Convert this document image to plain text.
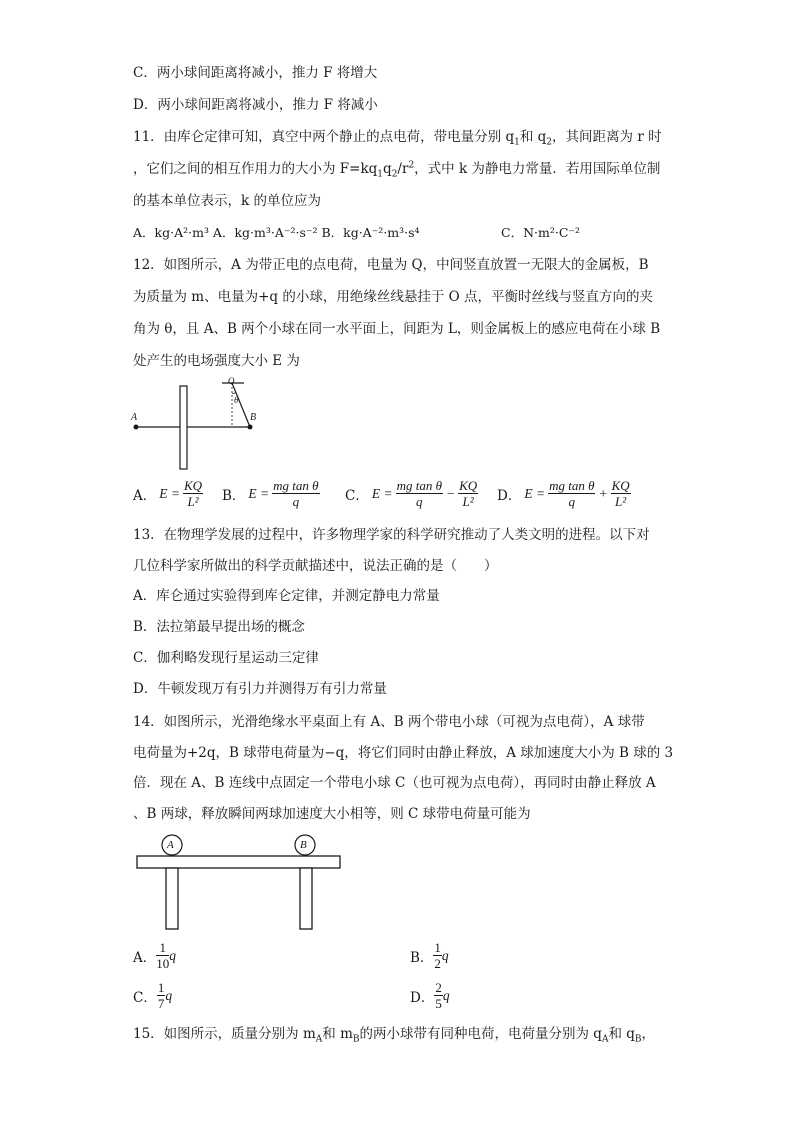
C．两小球间距离将减小，推力 F 将增大
D．两小球间距离将减小，推力 F 将减小
11．由库仑定律可知，真空中两个静止的点电荷，带电量分别 $q_1$和 $q_2$，其间距离为 r 时
，它们之间的相互作用力的大小为 $F=kq_1q_2/r^2$，式中 k 为静电力常量．若用国际单位制
的基本单位表示，k 的单位应为
A．kg·A²·m³ A．kg·m³·A⁻²·s⁻² B．kg·A⁻²·m³·s⁴	C．N·m²·C⁻²
12．如图所示，A 为带正电的点电荷，电量为 Q，中间竖直放置一无限大的金属板，B
为质量为 m、电量为+q 的小球，用绝缘丝线悬挂于 O 点，平衡时丝线与竖直方向的夹
角为 θ，且 A、B 两个小球在同一水平面上，间距为 L，则金属板上的感应电荷在小球 B
处产生的电场强度大小 E 为
A	B
O
θ
A． $E = \frac{KQ}{\text{L²}}$ B． $E = \frac{\text{mg tan θ}}{q}$ C． $E = \frac{\text{mg tan θ}}{q} - \frac{KQ}{\text{L²}}$ D． $E = \frac{\text{mg tan θ}}{q} + \frac{KQ}{\text{L²}}$
13．在物理学发展的过程中，许多物理学家的科学研究推动了人类文明的进程。以下对
几位科学家所做出的科学贡献描述中，说法正确的是（　　）
A．库仑通过实验得到库仑定律，并测定静电力常量
B．法拉第最早提出场的概念
C．伽利略发现行星运动三定律
D．牛顿发现万有引力并测得万有引力常量
14．如图所示，光滑绝缘水平桌面上有 A、B 两个带电小球（可视为点电荷），A 球带
电荷量为+2q，B 球带电荷量为−q，将它们同时由静止释放，A 球加速度大小为 B 球的 3
倍．现在 A、B 连线中点固定一个带电小球 C（也可视为点电荷），再同时由静止释放 A
、B 两球，释放瞬间两球加速度大小相等，则 C 球带电荷量可能为
A	B
A． $\frac{1}{10}$ q	B． $\frac{1}{2}$ q
C． $\frac{1}{7}$ q	D． $\frac{2}{5}$ q
15．如图所示，质量分别为 $m_A$和 $m_B$的两小球带有同种电荷，电荷量分别为 $q_A$和 $q_B$，
